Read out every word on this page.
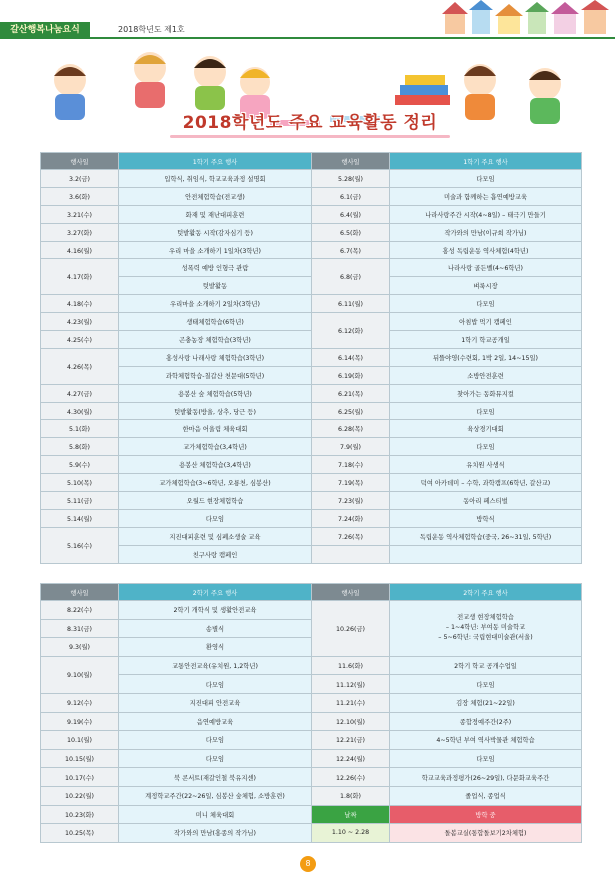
갈산행복나눔요식	2018학년도 제1호
2018학년도 주요 교육활동 정리
행사일	1학기 주요 행사	행사일	1학기 주요 행사
3.2(금)	입학식, 취임식, 학교교육과정 설명회	5.28(월)	다모임
3.6(화)	안전체험학습(전교생)	6.1(금)	미술과 함께하는 흡연예방교육
3.21(수)	화재 및 재난대피훈련	6.4(월)	나라사랑주간 시작(4~8일) – 태극기 만들기
3.27(화)	텃밭활동 시작(감자심기 등)	6.5(화)	작가와의 만남(이규희 작가님)
4.16(월)	우리 마을 소개하기 1일차(3학년)	6.7(목)	홍성 독립운동 역사체험(4학년)
4.17(화)	성폭력 예방 인형극 관람	6.8(금)	나라사랑 골든벨(4~6학년)
	텃밭활동		벼룩시장
4.18(수)	우리마을 소개하기 2일차(3학년)	6.11(월)	다모임
4.23(월)	생태체험학습(6학년)	6.12(화)	아침밥 먹기 캠페인
4.25(수)	곤충농장 체험학습(3학년)		1학기 학교공개일
4.26(목)	홍성사랑 나래사랑 체험학습(3학년)	6.14(목)	뒤뜰야영(수련회, 1박 2일, 14~15일)
	과학체험학습-칠갑산 천문대(5학년)	6.19(화)	소방안전훈련
4.27(금)	용봉산 숲 체험학습(5학년)	6.21(목)	찾아가는 동화뮤지컬
4.30(월)	텃밭활동(방울, 상추, 당근 등)	6.25(월)	다모임
5.1(화)	한마음 어울림 체육대회	6.28(목)	육상경기대회
5.8(화)	교가체험학습(3,4학년)	7.9(월)	다모임
5.9(수)	용봉산 체험학습(3,4학년)	7.18(수)	유치원 사생식
5.10(목)	교가체험학습(3~6학년, 오룡천, 심봉산)	7.19(목)	덕여 아카데미 – 수학, 과학캠프(6학년, 갈산교)
5.11(금)	오월드 현장체험학습	7.23(월)	동아리 페스티벌
5.14(월)	다모임	7.24(화)	방학식
5.16(수)	지진대피훈련 및 심폐소생술 교육	7.26(목)	독립운동 역사체험학습(중국, 26~31일, 5학년)
	친구사랑 캠페인		
행사일	2학기 주요 행사	행사일	2학기 주요 행사
8.22(수)	2학기 개학식 및 생활안전교육	10.26(금)	전교생 현장체험학습
– 1~4학년: 부여동 미술학교
– 5~6학년: 국립현대미술관(서울)

8.31(금)	송별식		
9.3(월)	환영식		
9.10(월)	교통안전교육(유치원, 1,2학년)	11.6(화)	2학기 학교 공개수업일
	다모임	11.12(월)	다모임
9.12(수)	지진대피 안전교육	11.21(수)	김장 체험(21~22일)
9.19(수)	음연예방교육	12.10(월)	종합정예주간(2주)
10.1(월)	다모임	12.21(금)	4~5학년 부여 역사박물관 체험학습
10.15(월)	다모임	12.24(월)	다모임
10.17(수)	북 콘서트(재갈인철 북유지센)	12.26(수)	학교교육과정평가(26~29일), 다문화교육주간
10.22(월)	계정학교주간(22~26일, 심봉산 숲체험, 소방훈련)	1.8(화)	졸업식, 종업식
10.23(화)	미니 체육대회	날짜	방학 중
10.25(목)	작가와의 만남(홍종의 작가님)	1.10 ~ 2.28	돌봄교실(통합돌보기2차체험)
8
